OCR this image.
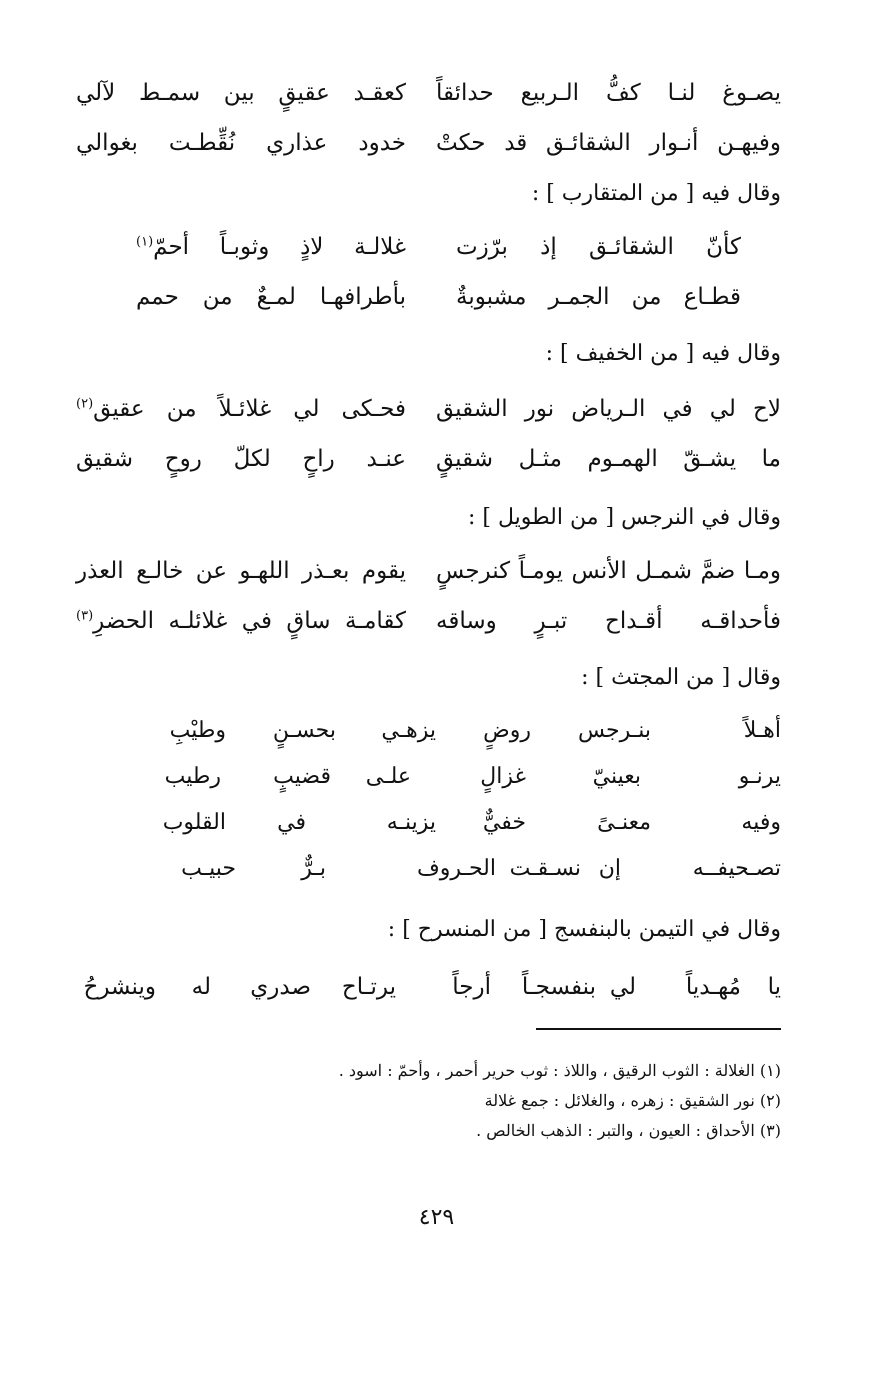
يصـوغ لنـا كفُّ الـربيع حدائقاً
كعقـد عقيقٍ بين سمـط لآلي
وفيهـن أنـوار الشقائـق قد حكتْ
خدود عذاري نُقِّطـت بغوالي
وقال فيه [ من المتقارب ] :
كأنّ الشقائـق إذ برّزت
غلالـة لاذٍ وثوبـاً أحمّ$^{(١)}$
قطـاع من الجمـر مشبوبةٌ
بأطرافهـا لمـعٌ من حمم
وقال فيه [ من الخفيف ] :
لاح لي في الـرياض نور الشقيق
فحـكى لي غلائـلاً من عقيق$^{(٢)}$
ما يشـقّ الهمـوم مثـل شقيقٍ
عنـد راحٍ لكلّ روحٍ شقيق
وقال في النرجس [ من الطويل ] :
ومـا ضمَّ شمـل الأنس يومـاً كنرجسٍ
يقوم بعـذر اللهـو عن خالـع العذر
فأحداقـه أقـداح تبـرٍ وساقه
كقامـة ساقٍ في غلائلـه الحضرِ$^{(٣)}$
وقال [ من المجتث ] :
أهـلاً
بنـرجس
روضٍ
يزهـي
بحسـنٍ
وطيْبِ
يرنـو
بعينيّ
غزالٍ
علـى
قضيبٍ
رطيب
وفيه
معنـىً
خفيٌّ
يزينـه
في
القلوب
تصـحيفــه
إن
نسـقـت
الحـروف
بـرٌّ
حبيـب
وقال في التيمن بالبنفسج [ من المنسرح ] :
يا
مُهـدياً
لي
بنفسجـاً
أرجاً
يرتـاح
صدري
له
وينشرحُ
(١) الغلالة : الثوب الرقيق ، واللاذ : ثوب حرير أحمر ، وأحمّ : اسود .
(٢) نور الشقيق : زهره ، والغلائل : جمع غلالة
(٣) الأحداق : العيون ، والتبر : الذهب الخالص .
٤٢٩
